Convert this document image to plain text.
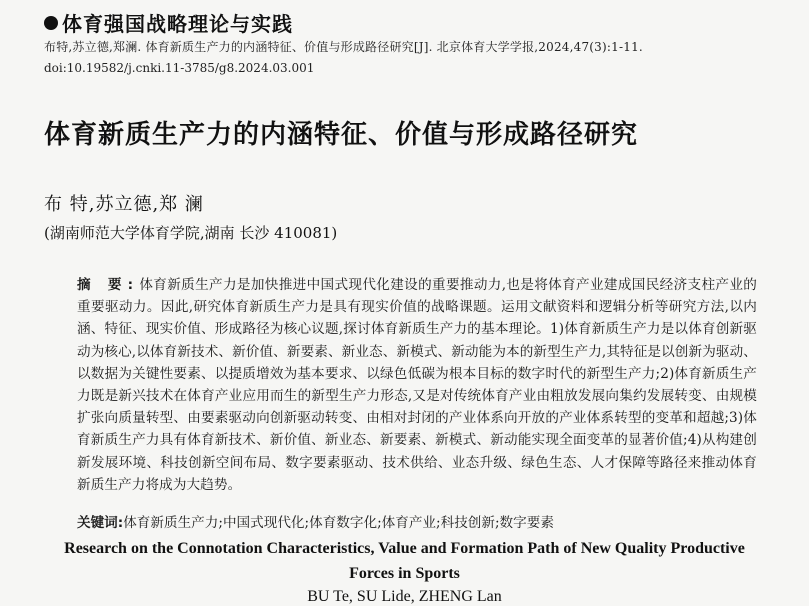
体育强国战略理论与实践
布特,苏立德,郑澜. 体育新质生产力的内涵特征、价值与形成路径研究[J]. 北京体育大学学报,2024,47(3):1-11.
doi:10.19582/j.cnki.11-3785/g8.2024.03.001
体育新质生产力的内涵特征、价值与形成路径研究
布 特,苏立德,郑 澜
(湖南师范大学体育学院,湖南 长沙 410081)
摘 要:体育新质生产力是加快推进中国式现代化建设的重要推动力,也是将体育产业建成国民经济支柱产业的重要驱动力。因此,研究体育新质生产力是具有现实价值的战略课题。运用文献资料和逻辑分析等研究方法,以内涵、特征、现实价值、形成路径为核心议题,探讨体育新质生产力的基本理论。1)体育新质生产力是以体育创新驱动为核心,以体育新技术、新价值、新要素、新业态、新模式、新动能为本的新型生产力,其特征是以创新为驱动、以数据为关键性要素、以提质增效为基本要求、以绿色低碳为根本目标的数字时代的新型生产力;2)体育新质生产力既是新兴技术在体育产业应用而生的新型生产力形态,又是对传统体育产业由粗放发展向集约发展转变、由规模扩张向质量转型、由要素驱动向创新驱动转变、由相对封闭的产业体系向开放的产业体系转型的变革和超越;3)体育新质生产力具有体育新技术、新价值、新业态、新要素、新模式、新动能实现全面变革的显著价值;4)从构建创新发展环境、科技创新空间布局、数字要素驱动、技术供给、业态升级、绿色生态、人才保障等路径来推动体育新质生产力将成为大趋势。
关键词:体育新质生产力;中国式现代化;体育数字化;体育产业;科技创新;数字要素
Research on the Connotation Characteristics, Value and Formation Path of New Quality Productive Forces in Sports
BU Te, SU Lide, ZHENG Lan
